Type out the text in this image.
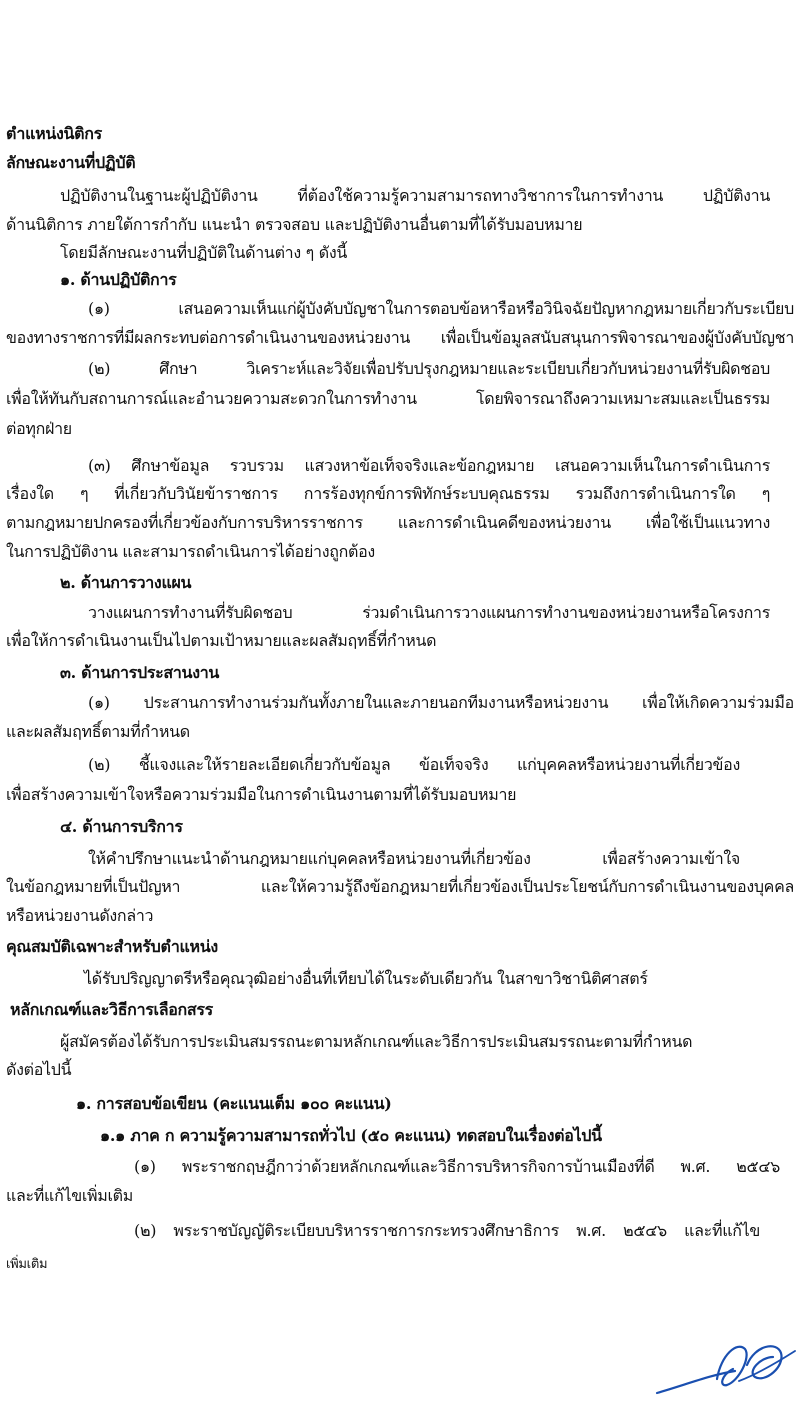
ตำแหน่งนิติกร
ลักษณะงานที่ปฏิบัติ
ปฏิบัติงานในฐานะผู้ปฏิบัติงาน ที่ต้องใช้ความรู้ความสามารถทางวิชาการในการทำงาน ปฏิบัติงาน
ด้านนิติการ ภายใต้การกำกับ แนะนำ ตรวจสอบ และปฏิบัติงานอื่นตามที่ได้รับมอบหมาย
โดยมีลักษณะงานที่ปฏิบัติในด้านต่าง ๆ ดังนี้
๑. ด้านปฏิบัติการ
(๑) เสนอความเห็นแก่ผู้บังคับบัญชาในการตอบข้อหารือหรือวินิจฉัยปัญหากฎหมายเกี่ยวกับระเบียบ
ของทางราชการที่มีผลกระทบต่อการดำเนินงานของหน่วยงาน เพื่อเป็นข้อมูลสนับสนุนการพิจารณาของผู้บังคับบัญชา
(๒) ศึกษา วิเคราะห์และวิจัยเพื่อปรับปรุงกฎหมายและระเบียบเกี่ยวกับหน่วยงานที่รับผิดชอบ
เพื่อให้ทันกับสถานการณ์และอำนวยความสะดวกในการทำงาน โดยพิจารณาถึงความเหมาะสมและเป็นธรรม
ต่อทุกฝ่าย
(๓) ศึกษาข้อมูล รวบรวม แสวงหาข้อเท็จจริงและข้อกฎหมาย เสนอความเห็นในการดำเนินการ
เรื่องใด ๆ ที่เกี่ยวกับวินัยข้าราชการ การร้องทุกข์การพิทักษ์ระบบคุณธรรม รวมถึงการดำเนินการใด ๆ
ตามกฎหมายปกครองที่เกี่ยวข้องกับการบริหารราชการ และการดำเนินคดีของหน่วยงาน เพื่อใช้เป็นแนวทาง
ในการปฏิบัติงาน และสามารถดำเนินการได้อย่างถูกต้อง
๒. ด้านการวางแผน
วางแผนการทำงานที่รับผิดชอบ ร่วมดำเนินการวางแผนการทำงานของหน่วยงานหรือโครงการ
เพื่อให้การดำเนินงานเป็นไปตามเป้าหมายและผลสัมฤทธิ์ที่กำหนด
๓. ด้านการประสานงาน
(๑) ประสานการทำงานร่วมกันทั้งภายในและภายนอกทีมงานหรือหน่วยงาน เพื่อให้เกิดความร่วมมือ
และผลสัมฤทธิ์ตามที่กำหนด
(๒) ชี้แจงและให้รายละเอียดเกี่ยวกับข้อมูล ข้อเท็จจริง แก่บุคคลหรือหน่วยงานที่เกี่ยวข้อง
เพื่อสร้างความเข้าใจหรือความร่วมมือในการดำเนินงานตามที่ได้รับมอบหมาย
๔. ด้านการบริการ
ให้คำปรึกษาแนะนำด้านกฎหมายแก่บุคคลหรือหน่วยงานที่เกี่ยวข้อง เพื่อสร้างความเข้าใจ
ในข้อกฎหมายที่เป็นปัญหา และให้ความรู้ถึงข้อกฎหมายที่เกี่ยวข้องเป็นประโยชน์กับการดำเนินงานของบุคคล
หรือหน่วยงานดังกล่าว
คุณสมบัติเฉพาะสำหรับตำแหน่ง
ได้รับปริญญาตรีหรือคุณวุฒิอย่างอื่นที่เทียบได้ในระดับเดียวกัน ในสาขาวิชานิติศาสตร์
หลักเกณฑ์และวิธีการเลือกสรร
ผู้สมัครต้องได้รับการประเมินสมรรถนะตามหลักเกณฑ์และวิธีการประเมินสมรรถนะตามที่กำหนด
ดังต่อไปนี้
๑. การสอบข้อเขียน (คะแนนเต็ม ๑๐๐ คะแนน)
๑.๑ ภาค ก ความรู้ความสามารถทั่วไป (๕๐ คะแนน) ทดสอบในเรื่องต่อไปนี้
(๑) พระราชกฤษฎีกาว่าด้วยหลักเกณฑ์และวิธีการบริหารกิจการบ้านเมืองที่ดี พ.ศ. ๒๕๔๖
และที่แก้ไขเพิ่มเติม
(๒) พระราชบัญญัติระเบียบบริหารราชการกระทรวงศึกษาธิการ พ.ศ. ๒๕๔๖ และที่แก้ไข
เพิ่มเติม
